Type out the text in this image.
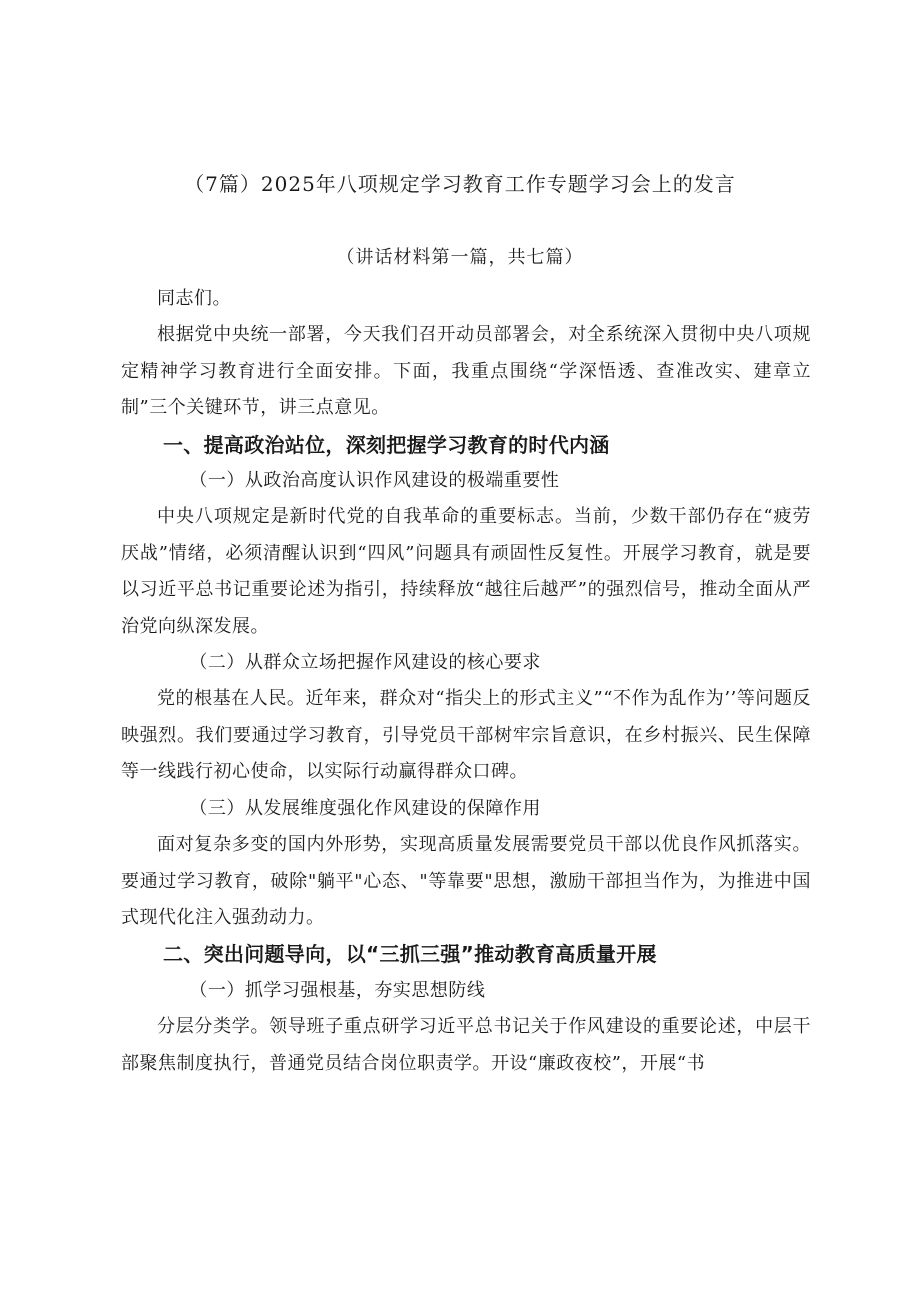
（7篇）2025年八项规定学习教育工作专题学习会上的发言
（讲话材料第一篇，共七篇）

同志们。

根据党中央统一部署，今天我们召开动员部署会，对全系统深入贯彻中央八项规定精神学习教育进行全面安排。下面，我重点围绕“学深悟透、查准改实、建章立制”三个关键环节，讲三点意见。

一、提高政治站位，深刻把握学习教育的时代内涵
（一）从政治高度认识作风建设的极端重要性

中央八项规定是新时代党的自我革命的重要标志。当前，少数干部仍存在“疲劳厌战”情绪，必须清醒认识到“四风”问题具有顽固性反复性。开展学习教育，就是要以习近平总书记重要论述为指引，持续释放“越往后越严”的强烈信号，推动全面从严治党向纵深发展。

（二）从群众立场把握作风建设的核心要求

党的根基在人民。近年来，群众对“指尖上的形式主义”“不作为乱作为’’等问题反映强烈。我们要通过学习教育，引导党员干部树牢宗旨意识，在乡村振兴、民生保障等一线践行初心使命，以实际行动赢得群众口碑。

（三）从发展维度强化作风建设的保障作用

面对复杂多变的国内外形势，实现高质量发展需要党员干部以优良作风抓落实。要通过学习教育，破除"躺平"心态、"等靠要"思想，激励干部担当作为，为推进中国式现代化注入强劲动力。

二、突出问题导向，以“三抓三强”推动教育高质量开展
（一）抓学习强根基，夯实思想防线

分层分类学。领导班子重点研学习近平总书记关于作风建设的重要论述，中层干部聚焦制度执行，普通党员结合岗位职责学。开设“廉政夜校”，开展“书
